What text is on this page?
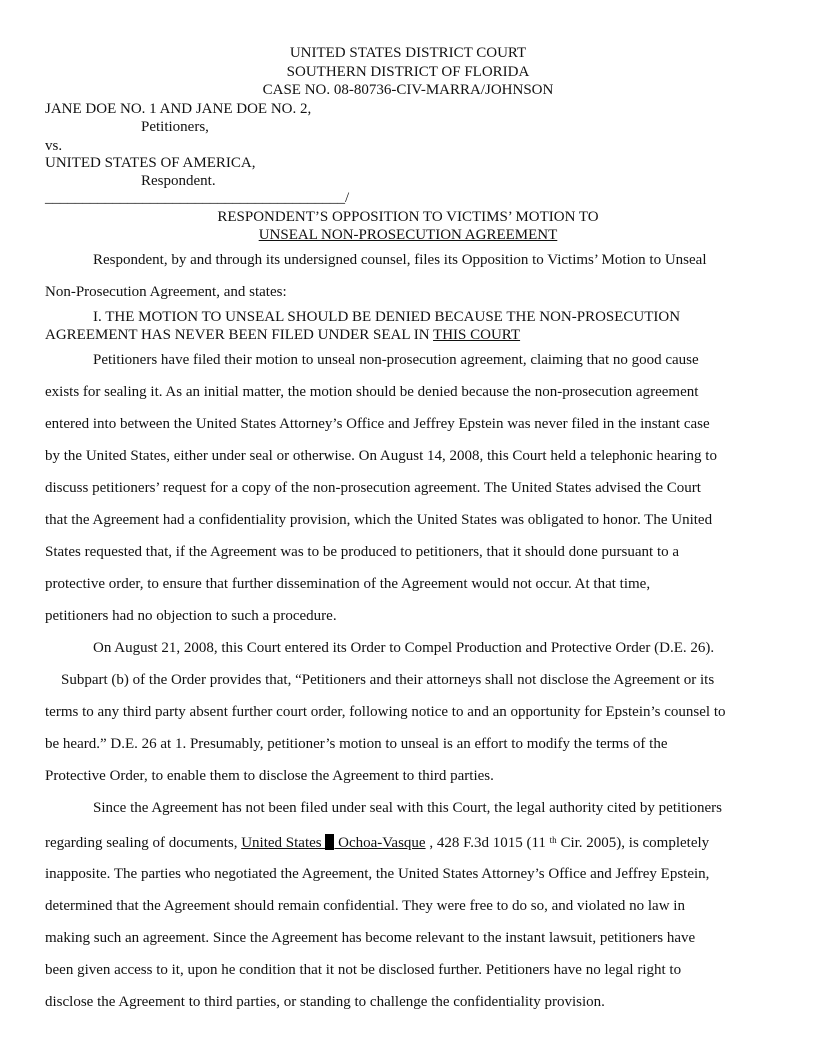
UNITED STATES DISTRICT COURT
SOUTHERN DISTRICT OF FLORIDA
CASE NO. 08-80736-CIV-MARRA/JOHNSON
JANE DOE NO. 1 AND JANE DOE NO. 2,
Petitioners,
vs.
UNITED STATES OF AMERICA,
Respondent.
________________________________________/
RESPONDENT’S OPPOSITION TO VICTIMS’ MOTION TO
UNSEAL NON-PROSECUTION AGREEMENT
Respondent, by and through its undersigned counsel, files its Opposition to Victims’ Motion to Unseal
Non-Prosecution Agreement, and states:
I. THE MOTION TO UNSEAL SHOULD BE DENIED BECAUSE THE NON-PROSECUTION
AGREEMENT HAS NEVER BEEN FILED UNDER SEAL IN THIS COURT
Petitioners have filed their motion to unseal non-prosecution agreement, claiming that no good cause
exists for sealing it. As an initial matter, the motion should be denied because the non-prosecution agreement
entered into between the United States Attorney’s Office and Jeffrey Epstein was never filed in the instant case
by the United States, either under seal or otherwise. On August 14, 2008, this Court held a telephonic hearing to
discuss petitioners’ request for a copy of the non-prosecution agreement. The United States advised the Court
that the Agreement had a confidentiality provision, which the United States was obligated to honor. The United
States requested that, if the Agreement was to be produced to petitioners, that it should done pursuant to a
protective order, to ensure that further dissemination of the Agreement would not occur. At that time,
petitioners had no objection to such a procedure.
On August 21, 2008, this Court entered its Order to Compel Production and Protective Order (D.E. 26).
Subpart (b) of the Order provides that, “Petitioners and their attorneys shall not disclose the Agreement or its
terms to any third party absent further court order, following notice to and an opportunity for Epstein’s counsel to
be heard.” D.E. 26 at 1. Presumably, petitioner’s motion to unseal is an effort to modify the terms of the
Protective Order, to enable them to disclose the Agreement to third parties.
Since the Agreement has not been filed under seal with this Court, the legal authority cited by petitioners
regarding sealing of documents, United States  Ochoa-Vasque , 428 F.3d 1015 (11 $^{th}$ Cir. 2005), is completely
inapposite. The parties who negotiated the Agreement, the United States Attorney’s Office and Jeffrey Epstein,
determined that the Agreement should remain confidential. They were free to do so, and violated no law in
making such an agreement. Since the Agreement has become relevant to the instant lawsuit, petitioners have
been given access to it, upon he condition that it not be disclosed further. Petitioners have no legal right to
disclose the Agreement to third parties, or standing to challenge the confidentiality provision.
